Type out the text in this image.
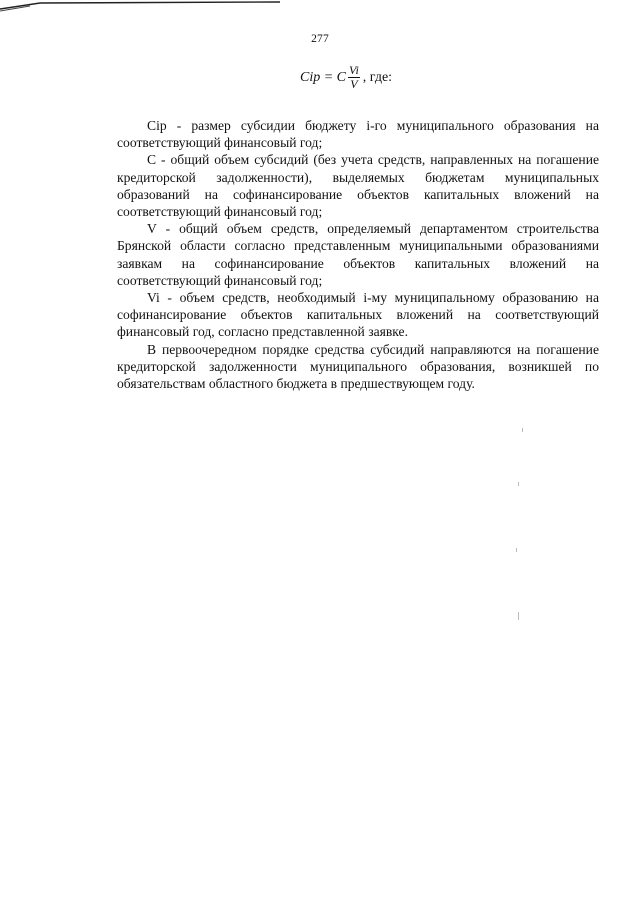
277
Cip = C $\frac{Vi}{V}$ , где:

Cip - размер субсидии бюджету i-го муниципального образования на соответствующий финансовый год;

C - общий объем субсидий (без учета средств, направленных на погашение кредиторской задолженности), выделяемых бюджетам муниципальных образований на софинансирование объектов капитальных вложений на соответствующий финансовый год;

V - общий объем средств, определяемый департаментом строительства Брянской области согласно представленным муниципальными образованиями заявкам на софинансирование объектов капитальных вложений на соответствующий финансовый год;

Vi - объем средств, необходимый i-му муниципальному образованию на софинансирование объектов капитальных вложений на соответствующий финансовый год, согласно представленной заявке.

В первоочередном порядке средства субсидий направляются на погашение кредиторской задолженности муниципального образования, возникшей по обязательствам областного бюджета в предшествующем году.
